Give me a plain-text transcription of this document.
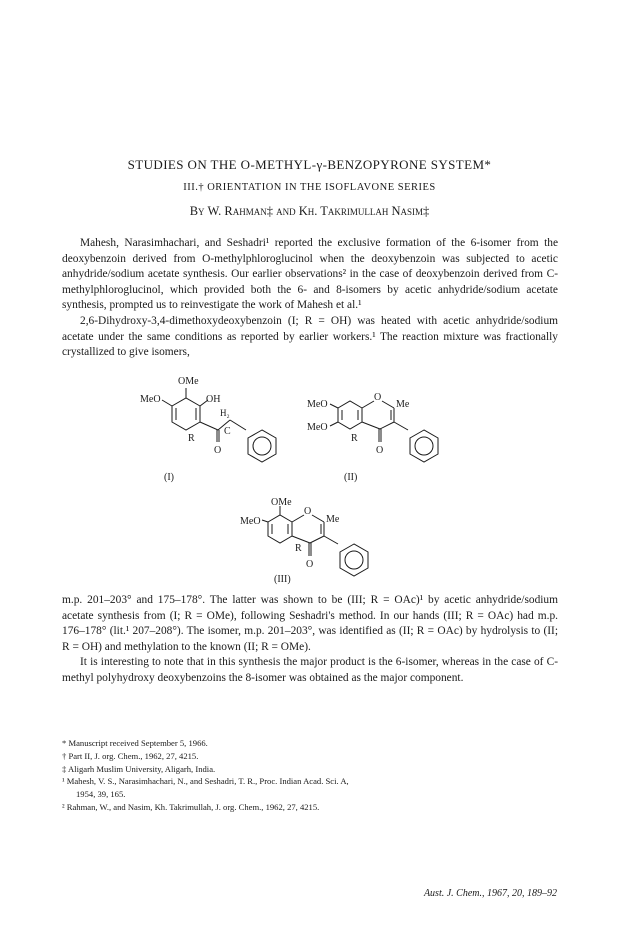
STUDIES ON THE O-METHYL-γ-BENZOPYRONE SYSTEM*
III.† ORIENTATION IN THE ISOFLAVONE SERIES
By W. Rahman‡ and Kh. Takrimullah Nasim‡

Mahesh, Narasimhachari, and Seshadri¹ reported the exclusive formation of the 6-isomer from the deoxybenzoin derived from O-methylphloroglucinol when the deoxybenzoin was subjected to acetic anhydride/sodium acetate synthesis. Our earlier observations² in the case of deoxybenzoin derived from C-methylphloroglucinol, which provided both the 6- and 8-isomers by acetic anhydride/sodium acetate synthesis, prompted us to reinvestigate the work of Mahesh et al.¹

2,6-Dihydroxy-3,4-dimethoxydeoxybenzoin (I; R = OH) was heated with acetic anhydride/sodium acetate under the same conditions as reported by earlier workers.¹ The reaction mixture was fractionally crystallized to give isomers,

OMe
MeO	OH
H₂
C
R
O
(I)
MeO
MeO
O
Me
R
O
(II)
OMe
MeO
O
Me
R
O
(III)

m.p. 201–203° and 175–178°. The latter was shown to be (III; R = OAc)¹ by acetic anhydride/sodium acetate synthesis from (I; R = OMe), following Seshadri's method. In our hands (III; R = OAc) had m.p. 176–178° (lit.¹ 207–208°). The isomer, m.p. 201–203°, was identified as (II; R = OAc) by hydrolysis to (II; R = OH) and methylation to the known (II; R = OMe).

It is interesting to note that in this synthesis the major product is the 6-isomer, whereas in the case of C-methyl polyhydroxy deoxybenzoins the 8-isomer was obtained as the major component.

* Manuscript received September 5, 1966.
† Part II, J. org. Chem., 1962, 27, 4215.
‡ Aligarh Muslim University, Aligarh, India.
¹ Mahesh, V. S., Narasimhachari, N., and Seshadri, T. R., Proc. Indian Acad. Sci. A,
1954, 39, 165.
² Rahman, W., and Nasim, Kh. Takrimullah, J. org. Chem., 1962, 27, 4215.
Aust. J. Chem., 1967, 20, 189–92
